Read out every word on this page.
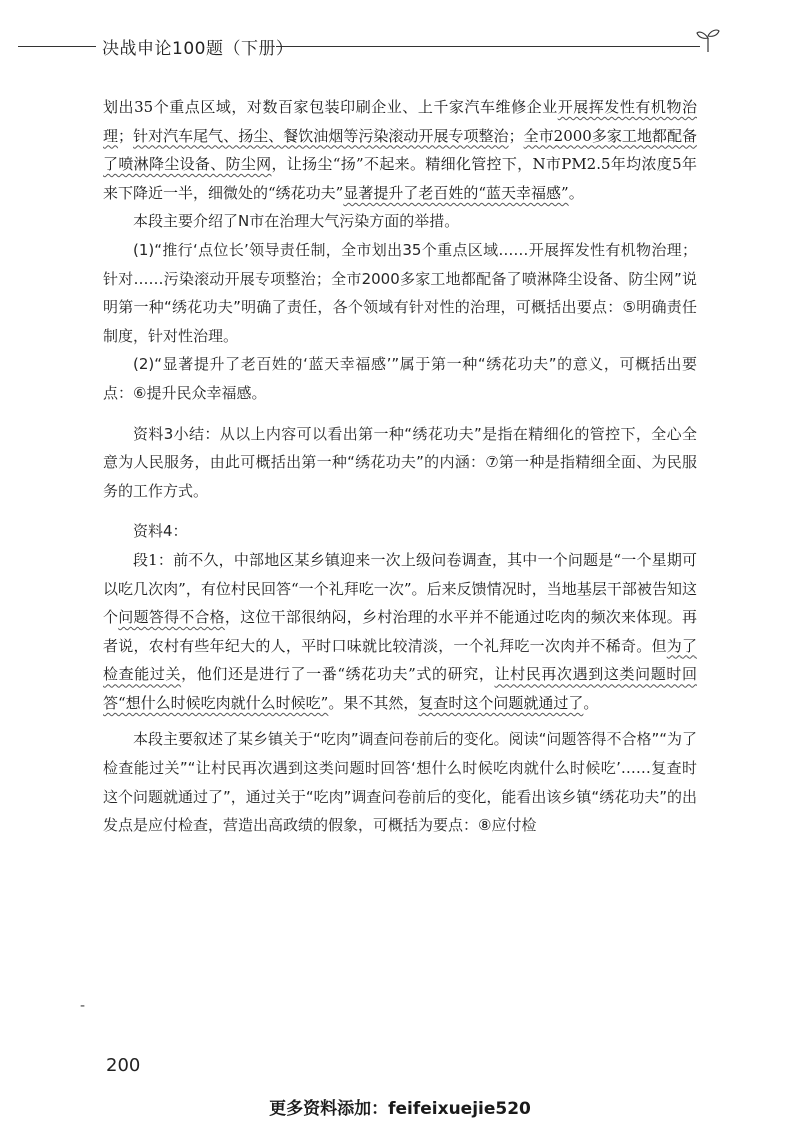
决战申论100题（下册）

划出35个重点区域，对数百家包装印刷企业、上千家汽车维修企业开展挥发性有机物治理；针对汽车尾气、扬尘、餐饮油烟等污染滚动开展专项整治；全市2000多家工地都配备了喷淋降尘设备、防尘网，让扬尘“扬”不起来。精细化管控下，N市PM2.5年均浓度5年来下降近一半，细微处的“绣花功夫”显著提升了老百姓的“蓝天幸福感”。

本段主要介绍了N市在治理大气污染方面的举措。

(1)“推行‘点位长’领导责任制，全市划出35个重点区域……开展挥发性有机物治理；针对……污染滚动开展专项整治；全市2000多家工地都配备了喷淋降尘设备、防尘网”说明第一种“绣花功夫”明确了责任，各个领域有针对性的治理，可概括出要点：⑤明确责任制度，针对性治理。

(2)“显著提升了老百姓的‘蓝天幸福感’”属于第一种“绣花功夫”的意义，可概括出要点：⑥提升民众幸福感。

资料3小结：从以上内容可以看出第一种“绣花功夫”是指在精细化的管控下，全心全意为人民服务，由此可概括出第一种“绣花功夫”的内涵：⑦第一种是指精细全面、为民服务的工作方式。

资料4：

段1：前不久，中部地区某乡镇迎来一次上级问卷调查，其中一个问题是“一个星期可以吃几次肉”，有位村民回答“一个礼拜吃一次”。后来反馈情况时，当地基层干部被告知这个问题答得不合格，这位干部很纳闷，乡村治理的水平并不能通过吃肉的频次来体现。再者说，农村有些年纪大的人，平时口味就比较清淡，一个礼拜吃一次肉并不稀奇。但为了检查能过关，他们还是进行了一番“绣花功夫”式的研究，让村民再次遇到这类问题时回答“想什么时候吃肉就什么时候吃”。果不其然，复查时这个问题就通过了。

本段主要叙述了某乡镇关于“吃肉”调查问卷前后的变化。阅读“问题答得不合格”“为了检查能过关”“让村民再次遇到这类问题时回答‘想什么时候吃肉就什么时候吃’……复查时这个问题就通过了”，通过关于“吃肉”调查问卷前后的变化，能看出该乡镇“绣花功夫”的出发点是应付检查，营造出高政绩的假象，可概括为要点：⑧应付检

-
200
更多资料添加：feifeixuejie520
